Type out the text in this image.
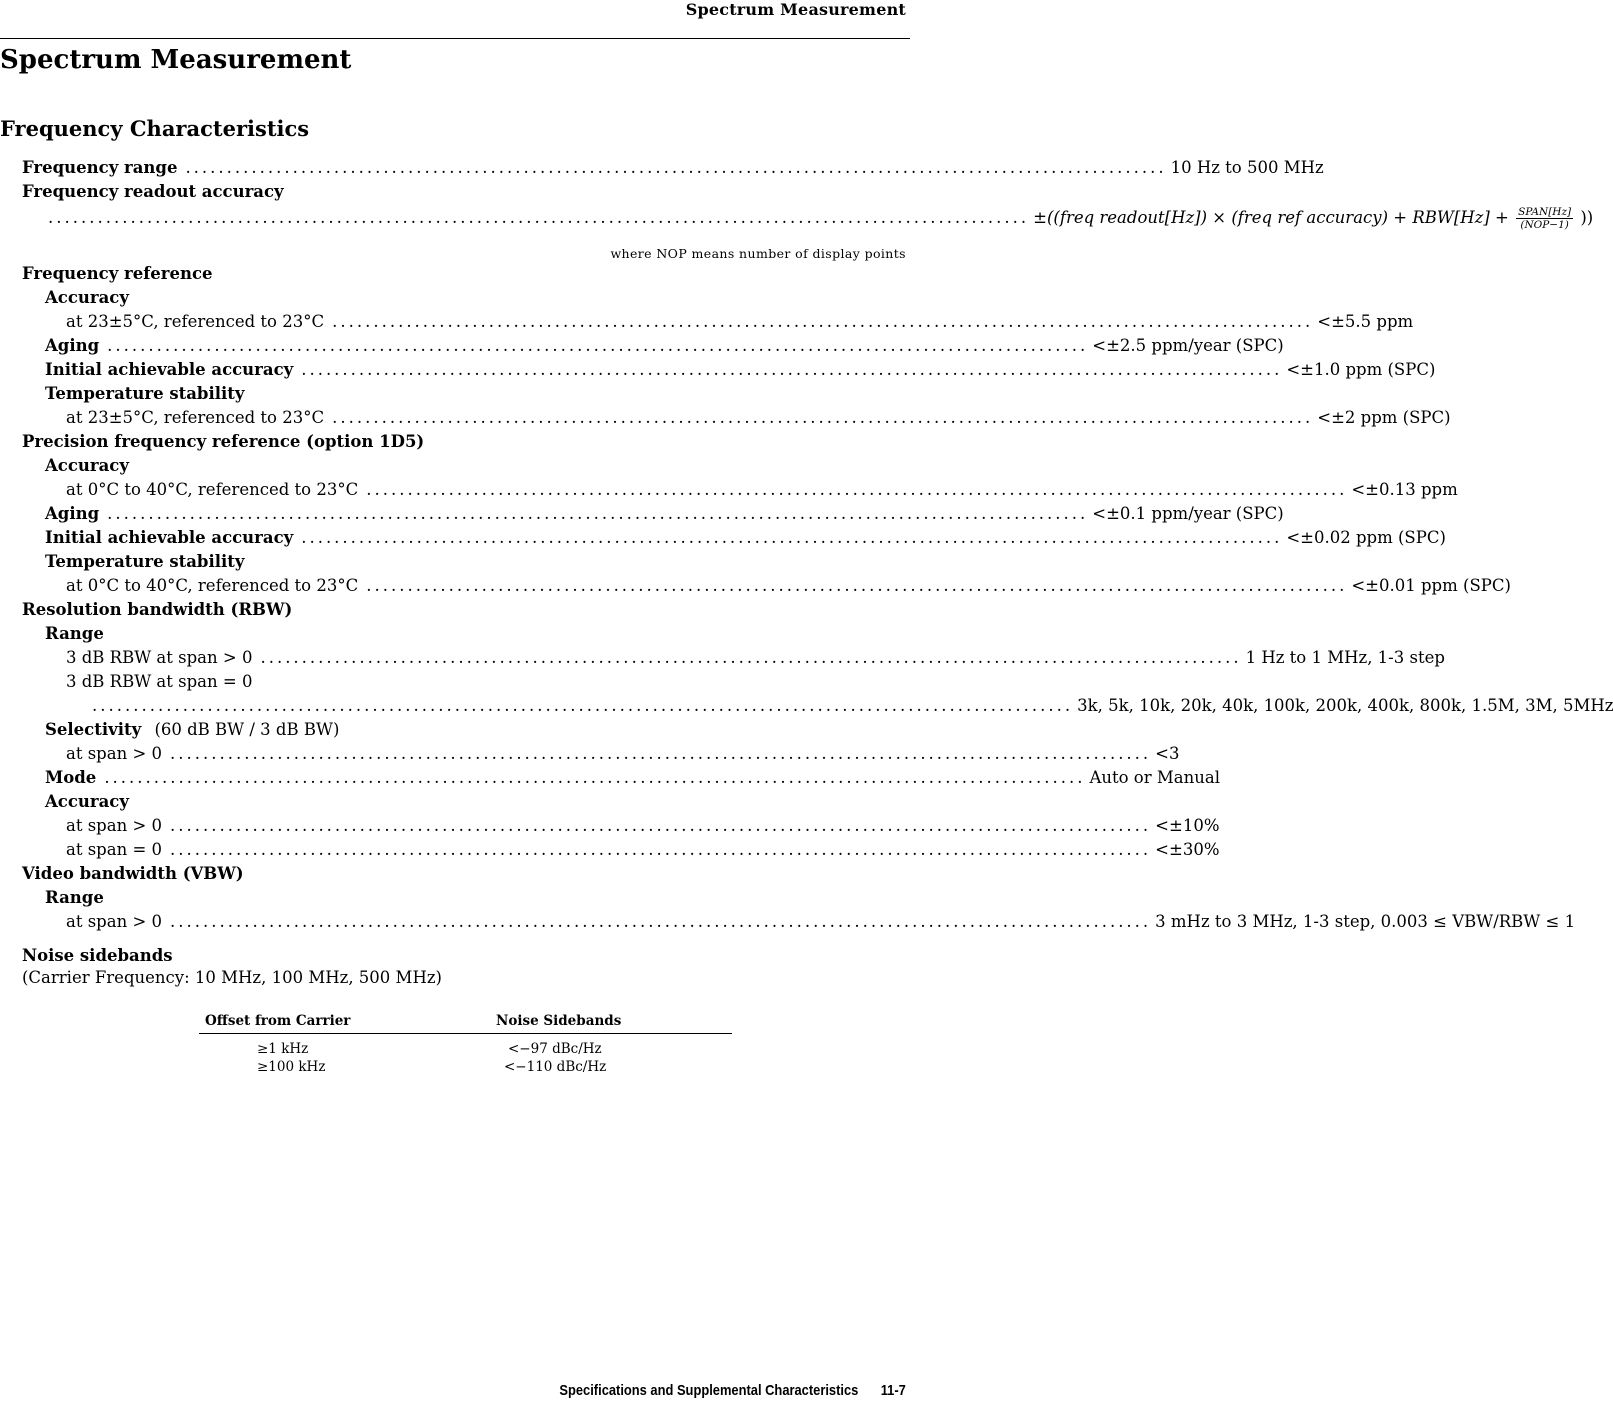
Spectrum Measurement
Spectrum Measurement
Frequency Characteristics
Frequency range ....................................................................................................................... 10 Hz to 500 MHz
Frequency readout accuracy
....................................................................................................................... ±((freq readout[Hz]) × (freq ref accuracy) + $RBW[Hz] + \frac{\text{SPAN[Hz]}}{\text{(NOP−1)}}$ ))
where NOP means number of display points
Frequency reference
Accuracy
at 23±5°C, referenced to 23°C ....................................................................................................................... <±5.5 ppm
Aging ....................................................................................................................... <±2.5 ppm/year (SPC)
Initial achievable accuracy ....................................................................................................................... <±1.0 ppm (SPC)
Temperature stability
at 23±5°C, referenced to 23°C ....................................................................................................................... <±2 ppm (SPC)
Precision frequency reference (option 1D5)
Accuracy
at 0°C to 40°C, referenced to 23°C ....................................................................................................................... <±0.13 ppm
Aging ....................................................................................................................... <±0.1 ppm/year (SPC)
Initial achievable accuracy ....................................................................................................................... <±0.02 ppm (SPC)
Temperature stability
at 0°C to 40°C, referenced to 23°C ....................................................................................................................... <±0.01 ppm (SPC)
Resolution bandwidth (RBW)
Range
3 dB RBW at span > 0 ....................................................................................................................... 1 Hz to 1 MHz, 1-3 step
3 dB RBW at span = 0
....................................................................................................................... 3k, 5k, 10k, 20k, 40k, 100k, 200k, 400k, 800k, 1.5M, 3M, 5MHz
Selectivity (60 dB BW / 3 dB BW)
at span > 0 ....................................................................................................................... <3
Mode ....................................................................................................................... Auto or Manual
Accuracy
at span > 0 ....................................................................................................................... <±10%
at span = 0 ....................................................................................................................... <±30%
Video bandwidth (VBW)
Range
at span > 0 ....................................................................................................................... 3 mHz to 3 MHz, 1-3 step, 0.003 ≤ VBW/RBW ≤ 1
Noise sidebands
(Carrier Frequency: 10 MHz, 100 MHz, 500 MHz)
Offset from Carrier	Noise Sidebands
≥1 kHz	<−97 dBc/Hz
≥100 kHz	<−110 dBc/Hz
Specifications and Supplemental Characteristics 11-7
